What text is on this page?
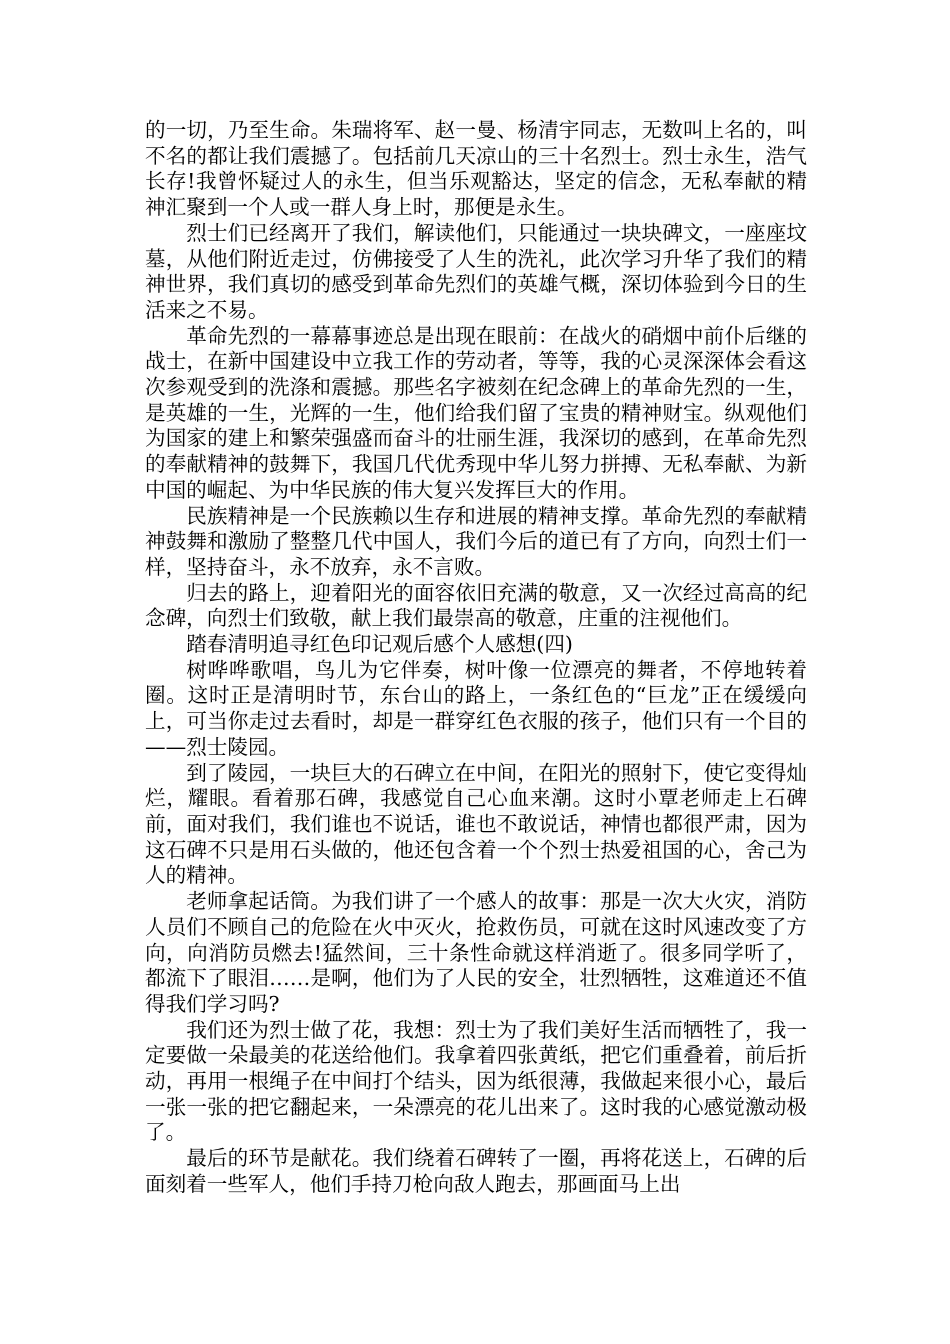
的一切，乃至生命。朱瑞将军、赵一曼、杨清宇同志，无数叫上名的，叫不名的都让我们震撼了。包括前几天凉山的三十名烈士。烈士永生，浩气长存!我曾怀疑过人的永生，但当乐观豁达，坚定的信念，无私奉献的精神汇聚到一个人或一群人身上时，那便是永生。

烈士们已经离开了我们，解读他们，只能通过一块块碑文，一座座坟墓，从他们附近走过，仿佛接受了人生的洗礼，此次学习升华了我们的精神世界，我们真切的感受到革命先烈们的英雄气概，深切体验到今日的生活来之不易。

革命先烈的一幕幕事迹总是出现在眼前：在战火的硝烟中前仆后继的战士，在新中国建设中立我工作的劳动者，等等，我的心灵深深体会看这次参观受到的洗涤和震撼。那些名字被刻在纪念碑上的革命先烈的一生，是英雄的一生，光辉的一生，他们给我们留了宝贵的精神财宝。纵观他们为国家的建上和繁荣强盛而奋斗的壮丽生涯，我深切的感到，在革命先烈的奉献精神的鼓舞下，我国几代优秀现中华儿努力拼搏、无私奉献、为新中国的崛起、为中华民族的伟大复兴发挥巨大的作用。

民族精神是一个民族赖以生存和进展的精神支撑。革命先烈的奉献精神鼓舞和激励了整整几代中国人，我们今后的道已有了方向，向烈士们一样，坚持奋斗，永不放弃，永不言败。

归去的路上，迎着阳光的面容依旧充满的敬意，又一次经过高高的纪念碑，向烈士们致敬，献上我们最崇高的敬意，庄重的注视他们。

踏春清明追寻红色印记观后感个人感想(四)

树哗哗歌唱，鸟儿为它伴奏，树叶像一位漂亮的舞者，不停地转着圈。这时正是清明时节，东台山的路上，一条红色的“巨龙”正在缓缓向上，可当你走过去看时，却是一群穿红色衣服的孩子，他们只有一个目的——烈士陵园。

到了陵园，一块巨大的石碑立在中间，在阳光的照射下，使它变得灿烂，耀眼。看着那石碑，我感觉自己心血来潮。这时小覃老师走上石碑前，面对我们，我们谁也不说话，谁也不敢说话，神情也都很严肃，因为这石碑不只是用石头做的，他还包含着一个个烈士热爱祖国的心，舍己为人的精神。

老师拿起话筒。为我们讲了一个感人的故事：那是一次大火灾，消防人员们不顾自己的危险在火中灭火，抢救伤员，可就在这时风速改变了方向，向消防员燃去!猛然间，三十条性命就这样消逝了。很多同学听了，都流下了眼泪……是啊，他们为了人民的安全，壮烈牺牲，这难道还不值得我们学习吗?

我们还为烈士做了花，我想：烈士为了我们美好生活而牺牲了，我一定要做一朵最美的花送给他们。我拿着四张黄纸，把它们重叠着，前后折动，再用一根绳子在中间打个结头，因为纸很薄，我做起来很小心，最后一张一张的把它翻起来，一朵漂亮的花儿出来了。这时我的心感觉激动极了。

最后的环节是献花。我们绕着石碑转了一圈，再将花送上，石碑的后面刻着一些军人，他们手持刀枪向敌人跑去，那画面马上出
